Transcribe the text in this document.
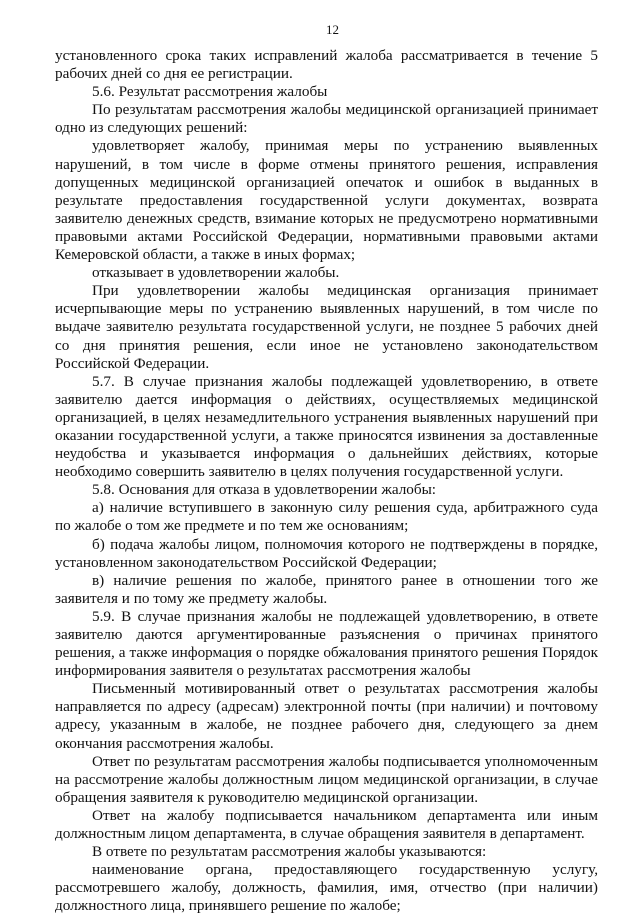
12

установленного срока таких исправлений жалоба рассматривается в течение 5 рабочих дней со дня ее регистрации.

5.6. Результат рассмотрения жалобы

По результатам рассмотрения жалобы медицинской организацией принимает одно из следующих решений:

удовлетворяет жалобу, принимая меры по устранению выявленных нарушений, в том числе в форме отмены принятого решения, исправления допущенных медицинской организацией опечаток и ошибок в выданных в результате предоставления государственной услуги документах, возврата заявителю денежных средств, взимание которых не предусмотрено нормативными правовыми актами Российской Федерации, нормативными правовыми актами Кемеровской области, а также в иных формах;

отказывает в удовлетворении жалобы.

При удовлетворении жалобы медицинская организация принимает исчерпывающие меры по устранению выявленных нарушений, в том числе по выдаче заявителю результата государственной услуги, не позднее 5 рабочих дней со дня принятия решения, если иное не установлено законодательством Российской Федерации.

5.7. В случае признания жалобы подлежащей удовлетворению, в ответе заявителю дается информация о действиях, осуществляемых медицинской организацией, в целях незамедлительного устранения выявленных нарушений при оказании государственной услуги, а также приносятся извинения за доставленные неудобства и указывается информация о дальнейших действиях, которые необходимо совершить заявителю в целях получения государственной услуги.

5.8. Основания для отказа в удовлетворении жалобы:

а) наличие вступившего в законную силу решения суда, арбитражного суда по жалобе о том же предмете и по тем же основаниям;

б) подача жалобы лицом, полномочия которого не подтверждены в порядке, установленном законодательством Российской Федерации;

в) наличие решения по жалобе, принятого ранее в отношении того же заявителя и по тому же предмету жалобы.

5.9. В случае признания жалобы не подлежащей удовлетворению, в ответе заявителю даются аргументированные разъяснения о причинах принятого решения, а также информация о порядке обжалования принятого решения Порядок информирования заявителя о результатах рассмотрения жалобы

Письменный мотивированный ответ о результатах рассмотрения жалобы направляется по адресу (адресам) электронной почты (при наличии) и почтовому адресу, указанным в жалобе, не позднее рабочего дня, следующего за днем окончания рассмотрения жалобы.

Ответ по результатам рассмотрения жалобы подписывается уполномоченным на рассмотрение жалобы должностным лицом медицинской организации, в случае обращения заявителя к руководителю медицинской организации.

Ответ на жалобу подписывается начальником департамента или иным должностным лицом департамента, в случае обращения заявителя в департамент.

В ответе по результатам рассмотрения жалобы указываются:

наименование органа, предоставляющего государственную услугу, рассмотревшего жалобу, должность, фамилия, имя, отчество (при наличии) должностного лица, принявшего решение по жалобе;
